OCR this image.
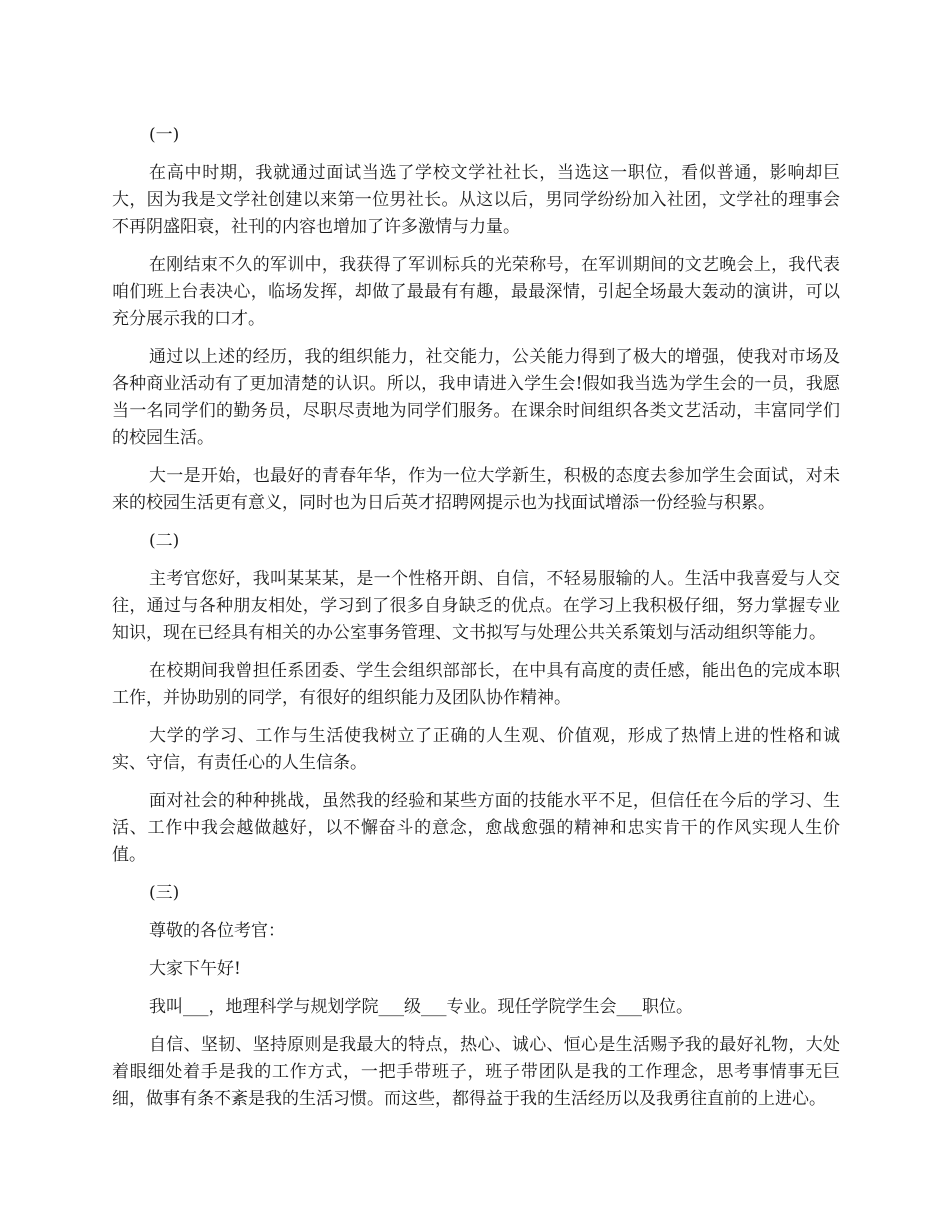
(一)

在高中时期，我就通过面试当选了学校文学社社长，当选这一职位，看似普通，影响却巨大，因为我是文学社创建以来第一位男社长。从这以后，男同学纷纷加入社团，文学社的理事会不再阴盛阳衰，社刊的内容也增加了许多激情与力量。

在刚结束不久的军训中，我获得了军训标兵的光荣称号，在军训期间的文艺晚会上，我代表咱们班上台表决心，临场发挥，却做了最最有有趣，最最深情，引起全场最大轰动的演讲，可以充分展示我的口才。

通过以上述的经历，我的组织能力，社交能力，公关能力得到了极大的增强，使我对市场及各种商业活动有了更加清楚的认识。所以，我申请进入学生会!假如我当选为学生会的一员，我愿当一名同学们的勤务员，尽职尽责地为同学们服务。在课余时间组织各类文艺活动，丰富同学们的校园生活。

大一是开始，也最好的青春年华，作为一位大学新生，积极的态度去参加学生会面试，对未来的校园生活更有意义，同时也为日后英才招聘网提示也为找面试增添一份经验与积累。

(二)

主考官您好，我叫某某某，是一个性格开朗、自信，不轻易服输的人。生活中我喜爱与人交往，通过与各种朋友相处，学习到了很多自身缺乏的优点。在学习上我积极仔细，努力掌握专业知识，现在已经具有相关的办公室事务管理、文书拟写与处理公共关系策划与活动组织等能力。

在校期间我曾担任系团委、学生会组织部部长，在中具有高度的责任感，能出色的完成本职工作，并协助别的同学，有很好的组织能力及团队协作精神。

大学的学习、工作与生活使我树立了正确的人生观、价值观，形成了热情上进的性格和诚实、守信，有责任心的人生信条。

面对社会的种种挑战，虽然我的经验和某些方面的技能水平不足，但信任在今后的学习、生活、工作中我会越做越好，以不懈奋斗的意念，愈战愈强的精神和忠实肯干的作风实现人生价值。

(三)

尊敬的各位考官：

大家下午好!

我叫___，地理科学与规划学院___级___专业。现任学院学生会___职位。

自信、坚韧、坚持原则是我最大的特点，热心、诚心、恒心是生活赐予我的最好礼物，大处着眼细处着手是我的工作方式，一把手带班子，班子带团队是我的工作理念，思考事情事无巨细，做事有条不紊是我的生活习惯。而这些，都得益于我的生活经历以及我勇往直前的上进心。
